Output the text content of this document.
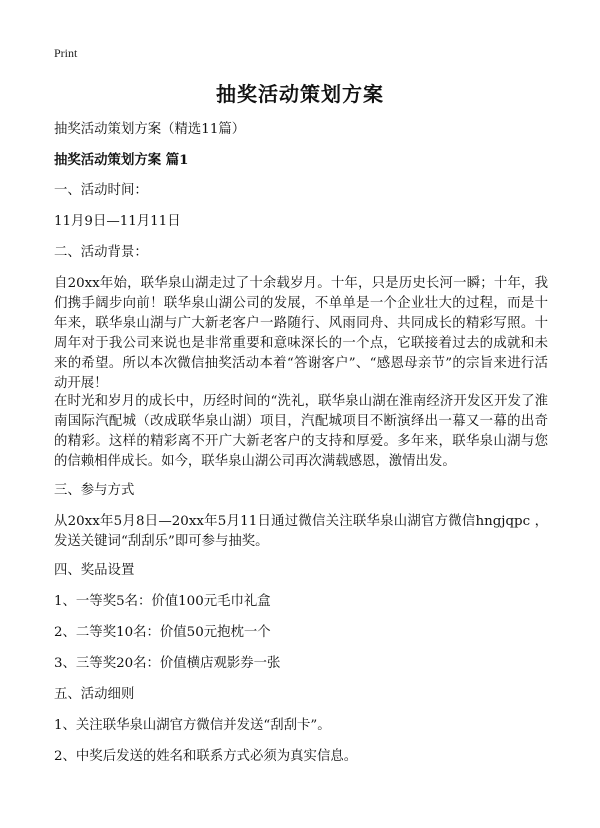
Print
抽奖活动策划方案
抽奖活动策划方案（精选11篇）
抽奖活动策划方案 篇1
一、活动时间：
11月9日—11月11日
二、活动背景：
自20xx年始，联华泉山湖走过了十余载岁月。十年，只是历史长河一瞬；十年，我们携手阔步向前！联华泉山湖公司的发展，不单单是一个企业壮大的过程，而是十年来，联华泉山湖与广大新老客户一路随行、风雨同舟、共同成长的精彩写照。十周年对于我公司来说也是非常重要和意味深长的一个点，它联接着过去的成就和未来的希望。所以本次微信抽奖活动本着“答谢客户”、“感恩母亲节”的宗旨来进行活动开展！
在时光和岁月的成长中，历经时间的“洗礼，联华泉山湖在淮南经济开发区开发了淮南国际汽配城（改成联华泉山湖）项目，汽配城项目不断演绎出一幕又一幕的出奇的精彩。这样的精彩离不开广大新老客户的支持和厚爱。多年来，联华泉山湖与您的信赖相伴成长。如今，联华泉山湖公司再次满载感恩，激情出发。
三、参与方式
从20xx年5月8日—20xx年5月11日通过微信关注联华泉山湖官方微信hngjqpc ，发送关键词“刮刮乐”即可参与抽奖。
四、奖品设置
1、一等奖5名：价值100元毛巾礼盒
2、二等奖10名：价值50元抱枕一个
3、三等奖20名：价值横店观影券一张
五、活动细则
1、关注联华泉山湖官方微信并发送“刮刮卡”。
2、中奖后发送的姓名和联系方式必须为真实信息。
